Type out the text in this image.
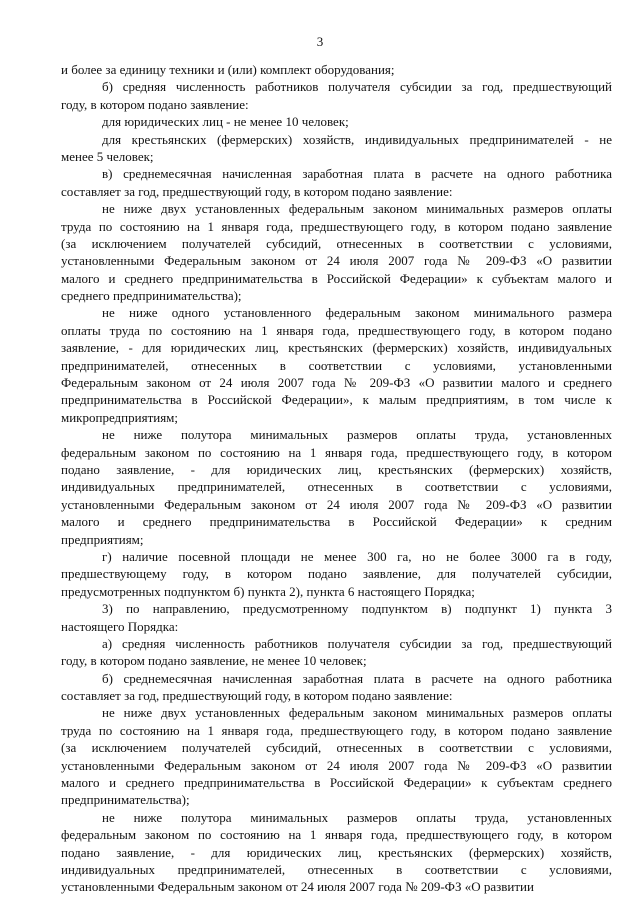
3
и более за единицу техники и (или) комплект оборудования;
б) средняя численность работников получателя субсидии за год, предшествующий
году, в котором подано заявление:
для юридических лиц - не менее 10 человек;
для крестьянских (фермерских) хозяйств, индивидуальных предпринимателей - не
менее 5 человек;
в) среднемесячная начисленная заработная плата в расчете на одного работника
составляет за год, предшествующий году, в котором подано заявление:
не ниже двух установленных федеральным законом минимальных размеров оплаты
труда по состоянию на 1 января года, предшествующего году, в котором подано заявление
(за исключением получателей субсидий, отнесенных в соответствии с условиями,
установленными Федеральным законом от 24 июля 2007 года № 209-ФЗ «О развитии
малого и среднего предпринимательства в Российской Федерации» к субъектам малого и
среднего предпринимательства);
не ниже одного установленного федеральным законом минимального размера
оплаты труда по состоянию на 1 января года, предшествующего году, в котором подано
заявление, - для юридических лиц, крестьянских (фермерских) хозяйств, индивидуальных
предпринимателей, отнесенных в соответствии с условиями, установленными
Федеральным законом от 24 июля 2007 года № 209-ФЗ «О развитии малого и среднего
предпринимательства в Российской Федерации», к малым предприятиям, в том числе к
микропредприятиям;
не ниже полутора минимальных размеров оплаты труда, установленных
федеральным законом по состоянию на 1 января года, предшествующего году, в котором
подано заявление, - для юридических лиц, крестьянских (фермерских) хозяйств,
индивидуальных предпринимателей, отнесенных в соответствии с условиями,
установленными Федеральным законом от 24 июля 2007 года № 209-ФЗ «О развитии
малого и среднего предпринимательства в Российской Федерации» к средним
предприятиям;
г) наличие посевной площади не менее 300 га, но не более 3000 га в году,
предшествующему году, в котором подано заявление, для получателей субсидии,
предусмотренных подпунктом б) пункта 2), пункта 6 настоящего Порядка;
3) по направлению, предусмотренному подпунктом в) подпункт 1) пункта 3
настоящего Порядка:
а) средняя численность работников получателя субсидии за год, предшествующий
году, в котором подано заявление, не менее 10 человек;
б) среднемесячная начисленная заработная плата в расчете на одного работника
составляет за год, предшествующий году, в котором подано заявление:
не ниже двух установленных федеральным законом минимальных размеров оплаты
труда по состоянию на 1 января года, предшествующего году, в котором подано заявление
(за исключением получателей субсидий, отнесенных в соответствии с условиями,
установленными Федеральным законом от 24 июля 2007 года № 209-ФЗ «О развитии
малого и среднего предпринимательства в Российской Федерации» к субъектам среднего
предпринимательства);
не ниже полутора минимальных размеров оплаты труда, установленных
федеральным законом по состоянию на 1 января года, предшествующего году, в котором
подано заявление, - для юридических лиц, крестьянских (фермерских) хозяйств,
индивидуальных предпринимателей, отнесенных в соответствии с условиями,
установленными Федеральным законом от 24 июля 2007 года № 209-ФЗ «О развитии
